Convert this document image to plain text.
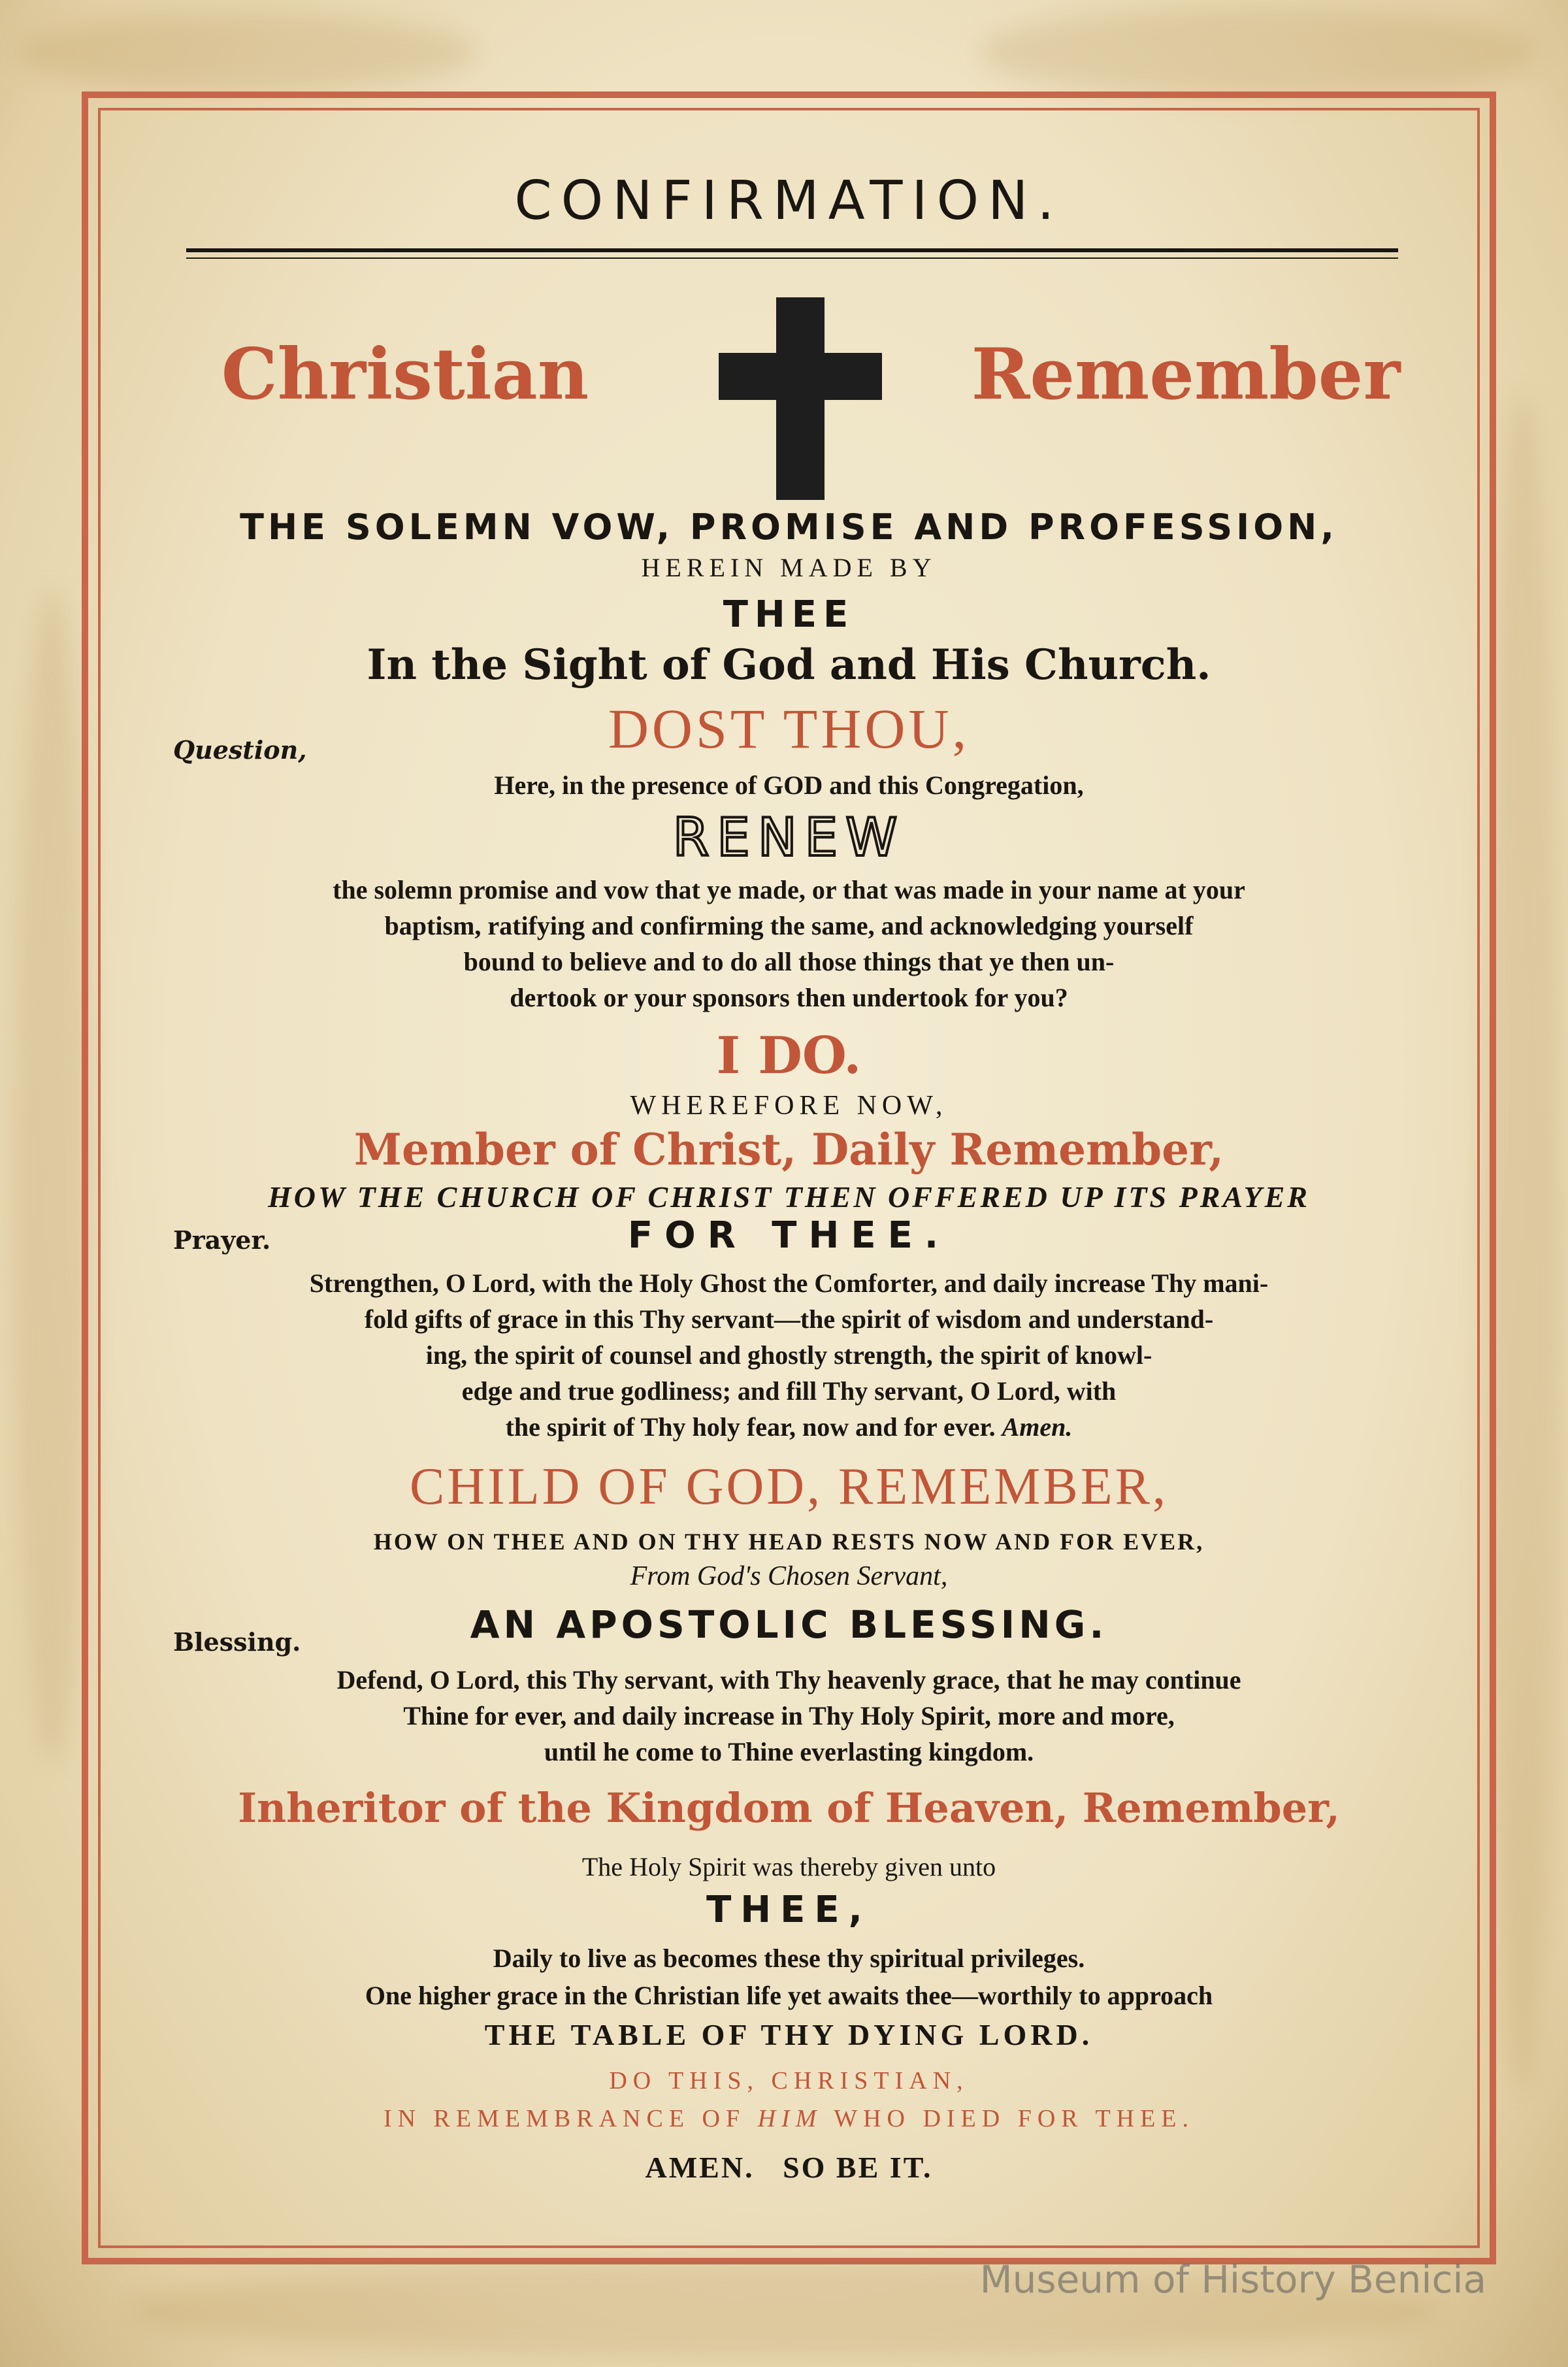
CONFIRMATION.
Christian	Remember
THE SOLEMN VOW, PROMISE AND PROFESSION,
HEREIN MADE BY
THEE
In the Sight of God and His Church.
Question,	DOST THOU,
Here, in the presence of GOD and this Congregation,
RENEW
the solemn promise and vow that ye made, or that was made in your name at your
baptism, ratifying and confirming the same, and acknowledging yourself
bound to believe and to do all those things that ye then un-
dertook or your sponsors then undertook for you?
I DO.
WHEREFORE NOW,
Member of Christ, Daily Remember,
HOW THE CHURCH OF CHRIST THEN OFFERED UP ITS PRAYER
Prayer.	FOR THEE.
Strengthen, O Lord, with the Holy Ghost the Comforter, and daily increase Thy mani-
fold gifts of grace in this Thy servant—the spirit of wisdom and understand-
ing, the spirit of counsel and ghostly strength, the spirit of knowl-
edge and true godliness; and fill Thy servant, O Lord, with
the spirit of Thy holy fear, now and for ever. Amen.
CHILD OF GOD, REMEMBER,
HOW ON THEE AND ON THY HEAD RESTS NOW AND FOR EVER,
From God's Chosen Servant,
Blessing.	AN APOSTOLIC BLESSING.
Defend, O Lord, this Thy servant, with Thy heavenly grace, that he may continue
Thine for ever, and daily increase in Thy Holy Spirit, more and more,
until he come to Thine everlasting kingdom.
Inheritor of the Kingdom of Heaven, Remember,
The Holy Spirit was thereby given unto
THEE,
Daily to live as becomes these thy spiritual privileges.
One higher grace in the Christian life yet awaits thee—worthily to approach
THE TABLE OF THY DYING LORD.
DO THIS, CHRISTIAN,
IN REMEMBRANCE OF HIM WHO DIED FOR THEE.
AMEN.   SO BE IT.
Museum of History Benicia
